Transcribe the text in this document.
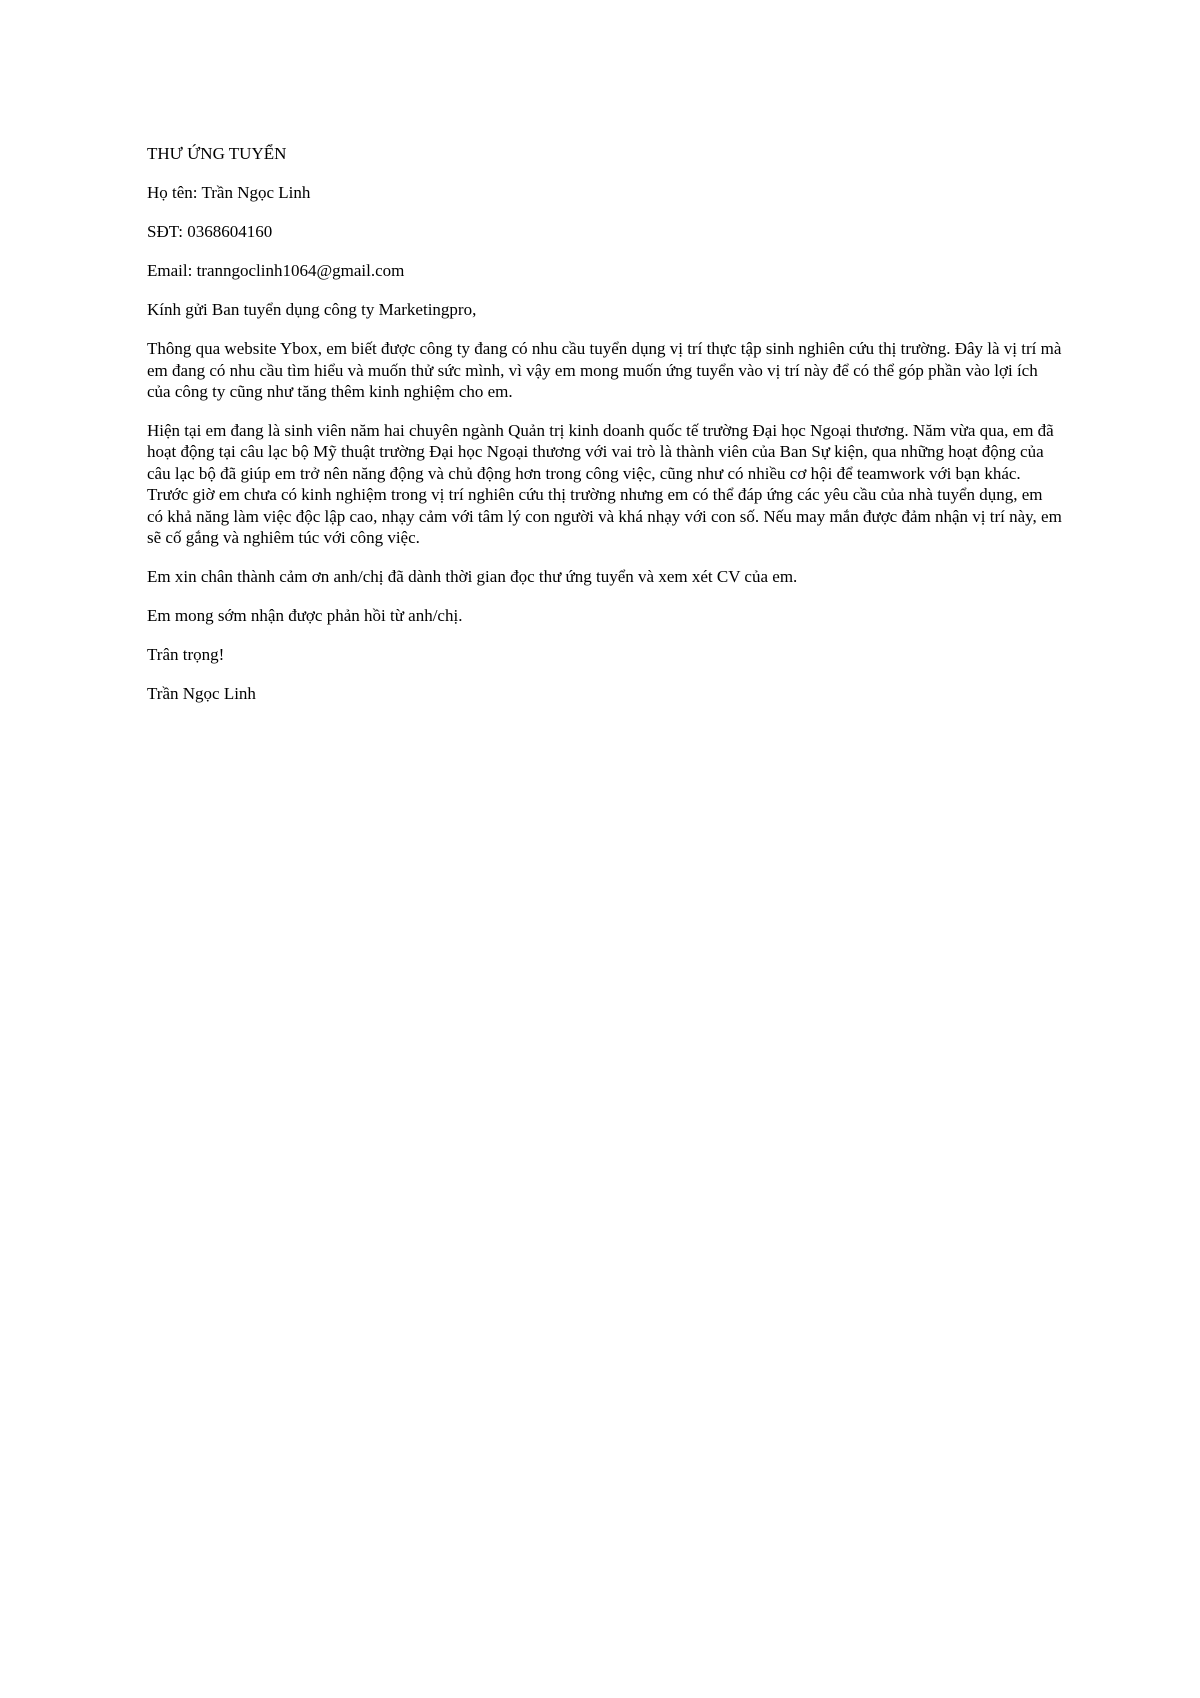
THƯ ỨNG TUYỂN

Họ tên: Trần Ngọc Linh

SĐT: 0368604160

Email: tranngoclinh1064@gmail.com

Kính gửi Ban tuyển dụng công ty Marketingpro,

Thông qua website Ybox, em biết được công ty đang có nhu cầu tuyển dụng vị trí thực tập sinh nghiên cứu thị trường. Đây là vị trí mà em đang có nhu cầu tìm hiểu và muốn thử sức mình, vì vậy em mong muốn ứng tuyển vào vị trí này để có thể góp phần vào lợi ích của công ty cũng như tăng thêm kinh nghiệm cho em.

Hiện tại em đang là sinh viên năm hai chuyên ngành Quản trị kinh doanh quốc tế trường Đại học Ngoại thương. Năm vừa qua, em đã hoạt động tại câu lạc bộ Mỹ thuật trường Đại học Ngoại thương với vai trò là thành viên của Ban Sự kiện, qua những hoạt động của câu lạc bộ đã giúp em trở nên năng động và chủ động hơn trong công việc, cũng như có nhiều cơ hội để teamwork với bạn khác. Trước giờ em chưa có kinh nghiệm trong vị trí nghiên cứu thị trường nhưng em có thể đáp ứng các yêu cầu của nhà tuyển dụng, em có khả năng làm việc độc lập cao, nhạy cảm với tâm lý con người và khá nhạy với con số. Nếu may mắn được đảm nhận vị trí này, em sẽ cố gắng và nghiêm túc với công việc.

Em xin chân thành cảm ơn anh/chị đã dành thời gian đọc thư ứng tuyển và xem xét CV của em.

Em mong sớm nhận được phản hồi từ anh/chị.

Trân trọng!

Trần Ngọc Linh
